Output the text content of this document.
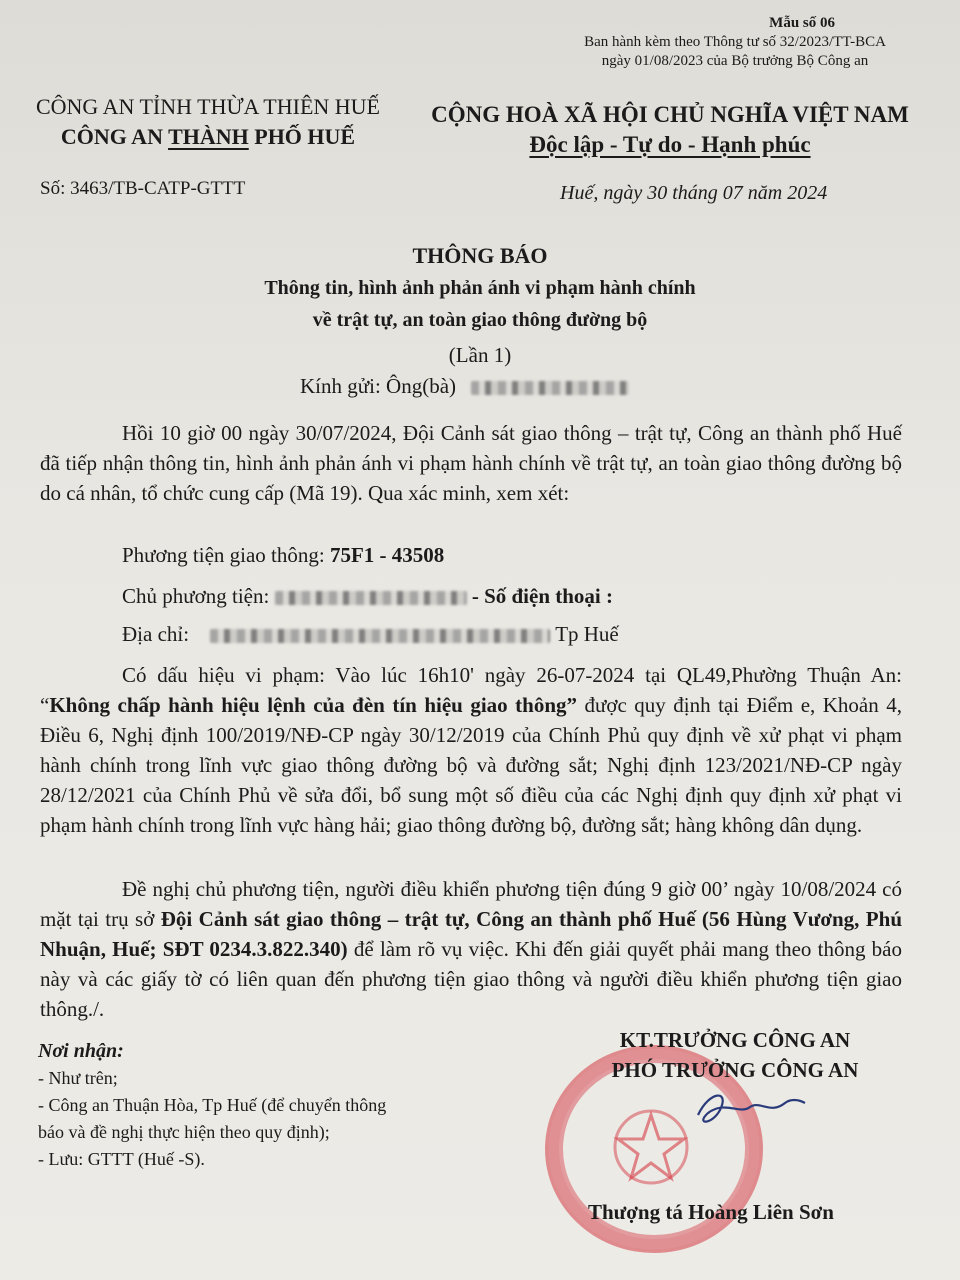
Mẫu số 06
Ban hành kèm theo Thông tư số 32/2023/TT-BCA
ngày 01/08/2023 của Bộ trưởng Bộ Công an
CÔNG AN TỈNH THỪA THIÊN HUẾ
CÔNG AN THÀNH PHỐ HUẾ
CỘNG HOÀ XÃ HỘI CHỦ NGHĨA VIỆT NAM
Độc lập - Tự do - Hạnh phúc
Số: 3463/TB-CATP-GTTT	Huế, ngày 30 tháng 07 năm 2024
THÔNG BÁO
Thông tin, hình ảnh phản ánh vi phạm hành chính
về trật tự, an toàn giao thông đường bộ
(Lần 1)
Kính gửi: Ông(bà)
Hồi 10 giờ 00 ngày 30/07/2024, Đội Cảnh sát giao thông – trật tự, Công an thành phố Huế đã tiếp nhận thông tin, hình ảnh phản ánh vi phạm hành chính về trật tự, an toàn giao thông đường bộ do cá nhân, tổ chức cung cấp (Mã 19). Qua xác minh, xem xét:
Phương tiện giao thông: 75F1 - 43508
Chủ phương tiện:	- Số điện thoại :
Địa chỉ:	Tp Huế
Có dấu hiệu vi phạm: Vào lúc 16h10' ngày 26-07-2024 tại QL49,Phường Thuận An: “Không chấp hành hiệu lệnh của đèn tín hiệu giao thông” được quy định tại Điểm e, Khoản 4, Điều 6, Nghị định 100/2019/NĐ-CP ngày 30/12/2019 của Chính Phủ quy định về xử phạt vi phạm hành chính trong lĩnh vực giao thông đường bộ và đường sắt; Nghị định 123/2021/NĐ-CP ngày 28/12/2021 của Chính Phủ về sửa đổi, bổ sung một số điều của các Nghị định quy định xử phạt vi phạm hành chính trong lĩnh vực hàng hải; giao thông đường bộ, đường sắt; hàng không dân dụng.
Đề nghị chủ phương tiện, người điều khiển phương tiện đúng 9 giờ 00’ ngày 10/08/2024 có mặt tại trụ sở Đội Cảnh sát giao thông – trật tự, Công an thành phố Huế (56 Hùng Vương, Phú Nhuận, Huế; SĐT 0234.3.822.340) để làm rõ vụ việc. Khi đến giải quyết phải mang theo thông báo này và các giấy tờ có liên quan đến phương tiện giao thông và người điều khiển phương tiện giao thông./.
Nơi nhận:
- Như trên;
- Công an Thuận Hòa, Tp Huế (để chuyển thông
báo và đề nghị thực hiện theo quy định);
- Lưu: GTTT (Huế -S).
KT.TRƯỞNG CÔNG AN
PHÓ TRƯỞNG CÔNG AN
Thượng tá Hoàng Liên Sơn
